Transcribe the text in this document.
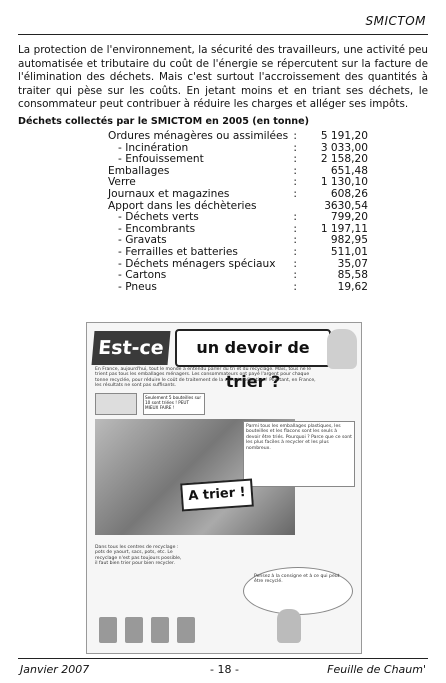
SMICTOM

La protection de l'environnement, la sécurité des travailleurs, une activité peu automatisée et tributaire du coût de l'énergie se répercutent sur la facture de l'élimination des déchets. Mais c'est surtout l'accroissement des quantités à traiter qui pèse sur les coûts. En jetant moins et en triant ses déchets, le consommateur peut contribuer à réduire les charges et alléger ses impôts.

Déchets collectés par le SMICTOM en 2005 (en tonne)

Ordures ménagères ou assimilées	:	5 191,20
- Incinération	:	3 033,00
- Enfouissement	:	2 158,20
Emballages	:	651,48
Verre	:	1 130,10
Journaux et magazines	:	608,26
Apport dans les déchèteries		3630,54
- Déchets verts	:	799,20
- Encombrants	:	1 197,11
- Gravats	:	982,95
- Ferrailles et batteries	:	511,01
- Déchets ménagers spéciaux	:	35,07
- Cartons	:	85,58
- Pneus	:	19,62
Est-ce	un devoir de trier ?
En France, aujourd'hui, tout le monde a entendu parler du tri et du recyclage. Mais, tous ne le trient pas tous les emballages ménagers. Les consommateurs ont payé l'argent pour chaque tonne recyclée, pour réduire le coût de traitement de la collecte sélective ! Pourtant, en France, les résultats ne sont pas suffisants.
Seulement 5 bouteilles sur 10 sont triées ! PEUT MIEUX FAIRE !
Parmi tous les emballages plastiques, les bouteilles et les flacons sont les seuls à devoir être triés. Pourquoi ? Parce que ce sont les plus faciles à recycler et les plus nombreux.
A trier !
Dans tous les centres de recyclage : pots de yaourt, sacs, pots, etc. Le recyclage n'est pas toujours possible, il faut bien trier pour bien recycler.
Pensez à la consigne et à ce qui peut être recyclé.
Janvier 2007	- 18 -	Feuille de Chaum'
